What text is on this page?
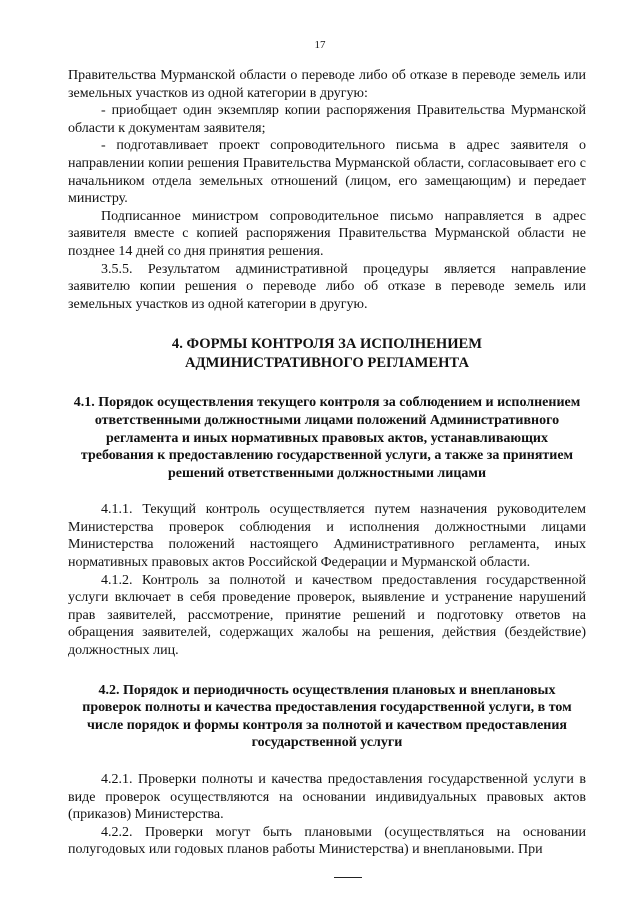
17

Правительства Мурманской области о переводе либо об отказе в переводе земель или земельных участков из одной категории в другую:

- приобщает один экземпляр копии распоряжения Правительства Мурманской области к документам заявителя;

- подготавливает проект сопроводительного письма в адрес заявителя о направлении копии решения Правительства Мурманской области, согласовывает его с начальником отдела земельных отношений (лицом, его замещающим) и передает министру.

Подписанное министром сопроводительное письмо направляется в адрес заявителя вместе с копией распоряжения Правительства Мурманской области не позднее 14 дней со дня принятия решения.

3.5.5. Результатом административной процедуры является направление заявителю копии решения о переводе либо об отказе в переводе земель или земельных участков из одной категории в другую.

4. ФОРМЫ КОНТРОЛЯ ЗА ИСПОЛНЕНИЕМ
АДМИНИСТРАТИВНОГО РЕГЛАМЕНТА
4.1. Порядок осуществления текущего контроля за соблюдением и исполнением ответственными должностными лицами положений Административного регламента и иных нормативных правовых актов, устанавливающих требования к предоставлению государственной услуги, а также за принятием решений ответственными должностными лицами

4.1.1. Текущий контроль осуществляется путем назначения руководителем Министерства проверок соблюдения и исполнения должностными лицами Министерства положений настоящего Административного регламента, иных нормативных правовых актов Российской Федерации и Мурманской области.

4.1.2. Контроль за полнотой и качеством предоставления государственной услуги включает в себя проведение проверок, выявление и устранение нарушений прав заявителей, рассмотрение, принятие решений и подготовку ответов на обращения заявителей, содержащих жалобы на решения, действия (бездействие) должностных лиц.

4.2. Порядок и периодичность осуществления плановых и внеплановых проверок полноты и качества предоставления государственной услуги, в том числе порядок и формы контроля за полнотой и качеством предоставления государственной услуги

4.2.1. Проверки полноты и качества предоставления государственной услуги в виде проверок осуществляются на основании индивидуальных правовых актов (приказов) Министерства.

4.2.2. Проверки могут быть плановыми (осуществляться на основании полугодовых или годовых планов работы Министерства) и внеплановыми. При
